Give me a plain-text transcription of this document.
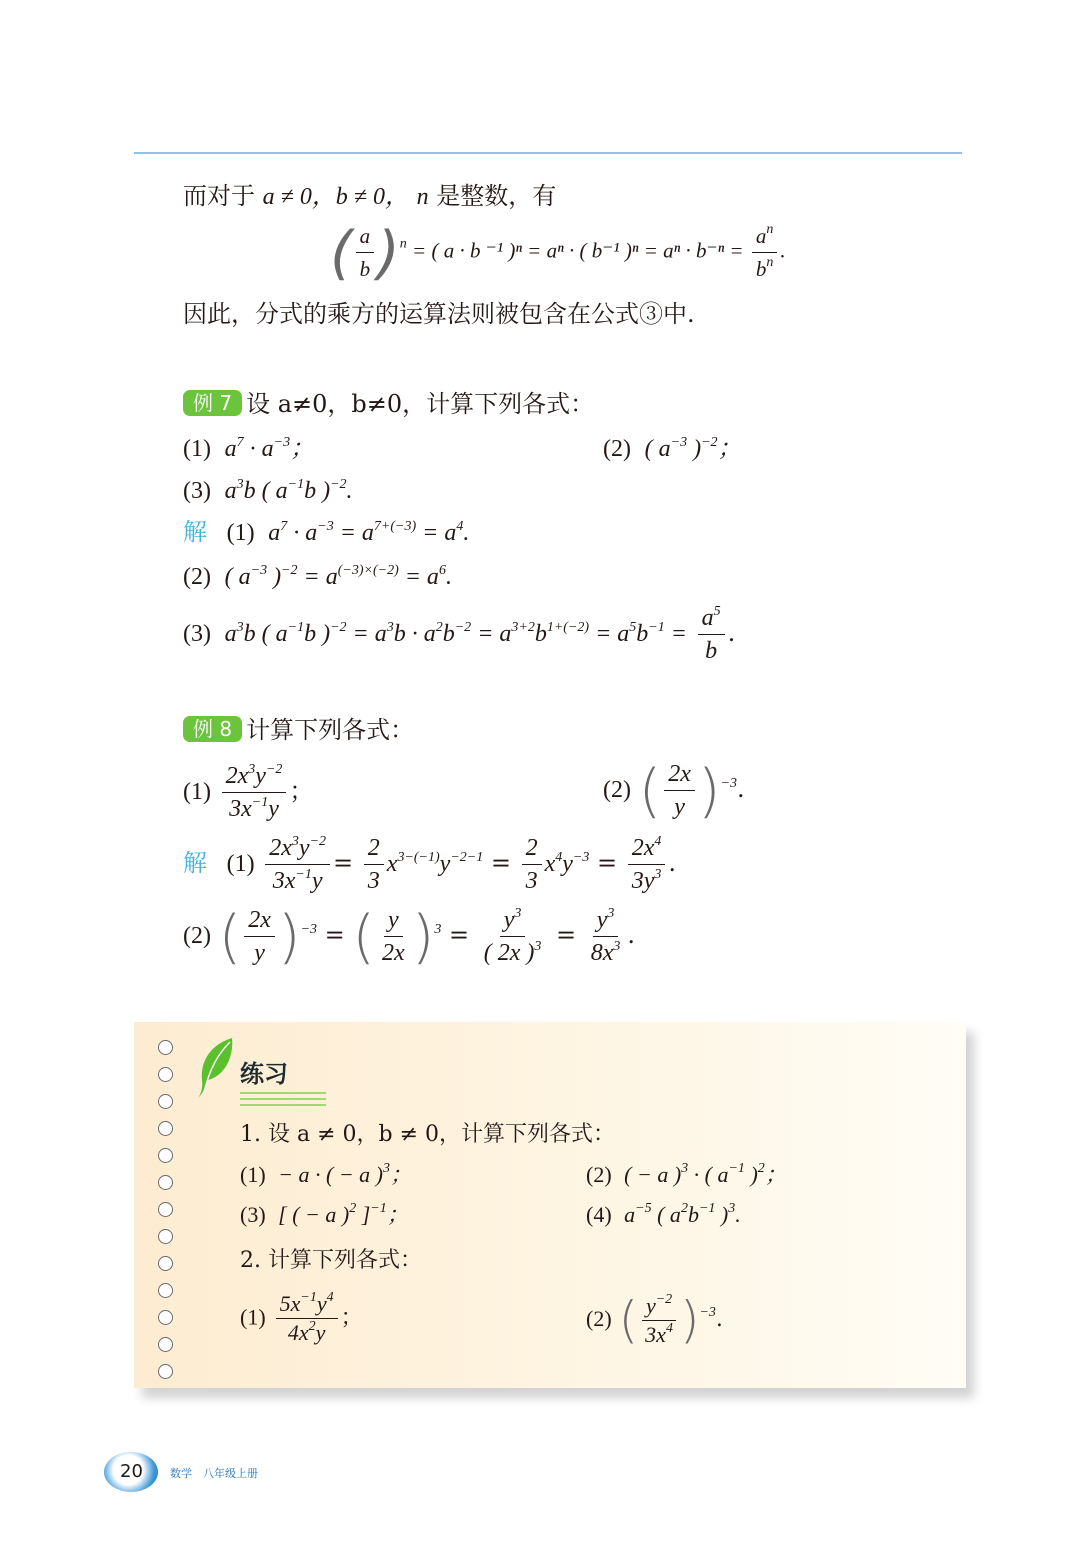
而对于 a ≠ 0，b ≠ 0， n 是整数，有
( $\frac{a}{b} )^n$ = ( a · b ⁻¹ )ⁿ = aⁿ · ( b⁻¹ )$^n = a^n \cdot b^{-n} = \frac{a^n}{b^n}$ .
因此，分式的乘方的运算法则被包含在公式③中.
例 7 设 a≠0，b≠0，计算下列各式：
(1)  $a^7 \cdot a^{-3}$；	(2)  ( $a^{-3}$ )$^{-2}$；
(3)  $a^3b$ ( $a^{-1}b$ )$^{-2}$.
解   (1)  $a^7 \cdot a^{-3} = a^{7+(-3)} = a^4$.
(2)  ( $a^{-3}$ )$^{-2} = a^{(-3)\times(-2)} = a^6$.
(3)  $a^3b$ ( $a^{-1}b$ )$^{-2} = a^3b \cdot a^2b^{-2} = a^{3+2}b^{1+(-2)} = a^5b^{-1} = \frac{a^5}{b}$ .
例 8 计算下列各式：
$(1) \frac{2x^3y^{-2}}{3x^{-1}y}$ ；	(2) ( $\frac{2x}{y} )^{-3}$.
解   $(1) \frac{2x^3y^{-2}}{3x^{-1}y} = \frac{2}{3} x^{3-(-1)}y^{-2-1} = \frac{2}{3} x^4y^{-3} = \frac{2x^4}{3y^3}$ .
(2) ( $\frac{2x}{y} )^{-3}$ = ( $\frac{y}{2x} )^3 = \frac{y^3}{( 2x )^3} = \frac{y^3}{8x^3}$ .
练习
1. 设 a ≠ 0，b ≠ 0，计算下列各式：
(1)  − a · ( − a )$^3$；	(2)  ( − a )$^3$ · ( $a^{-1}$ )$^2$；
(3)  [ ( − a )$^2$ ]$^{-1}$；	(4)  $a^{-5}$ ( $a^2b^{-1}$ )$^3$.
2. 计算下列各式：
$(1) \frac{5x^{-1}y^4}{4x^2y}$ ；	(2) ( $\frac{y^{-2}}{3x^4} )^{-3}$.
20 数学　八年级上册
